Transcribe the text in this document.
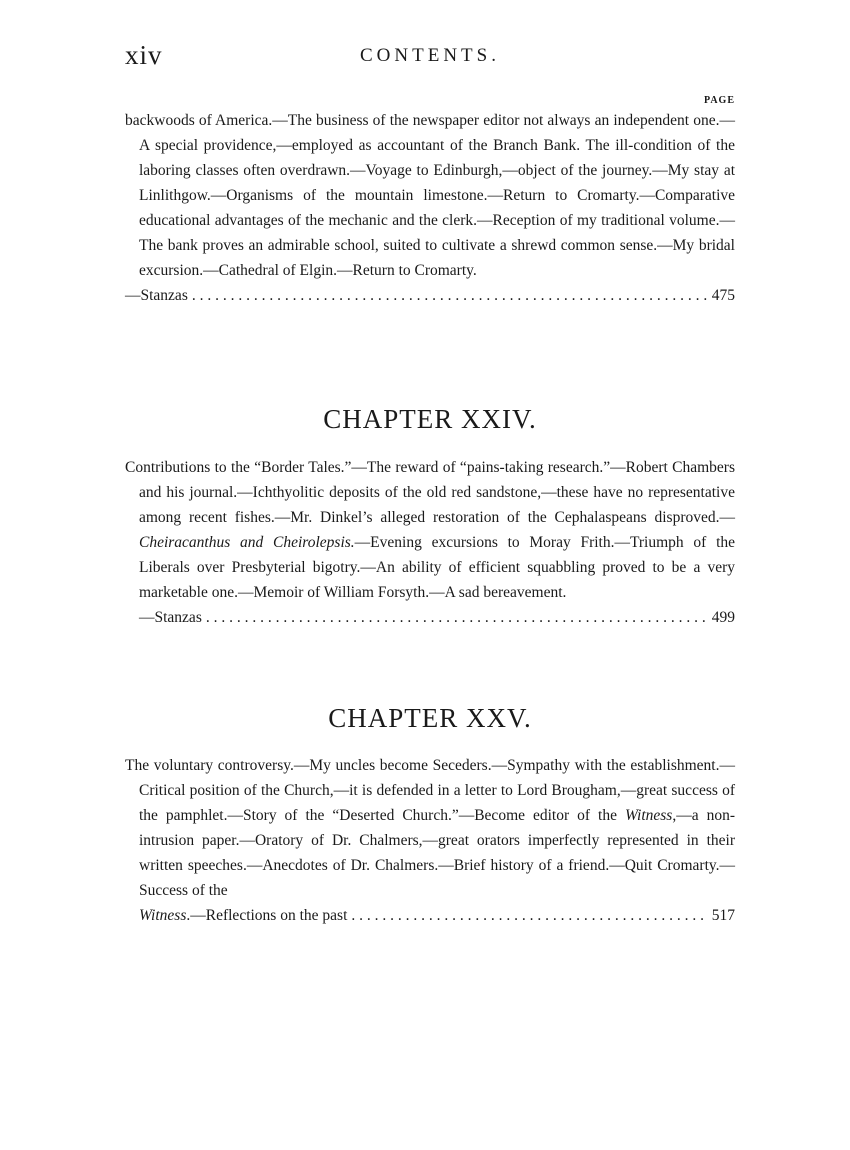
xiv	CONTENTS.
PAGE

backwoods of America.—The business of the newspaper editor not always an independent one.—A special providence,—employed as accountant of the Branch Bank. The ill-condition of the laboring classes often overdrawn.—Voyage to Edinburgh,—object of the journey.—My stay at Linlithgow.—Organisms of the mountain limestone.—Return to Cromarty.—Comparative educational advantages of the mechanic and the clerk.—Reception of my traditional volume.—The bank proves an admirable school, suited to cultivate a shrewd common sense.—My bridal excursion.—Cathedral of Elgin.—Return to Cromarty.

—Stanzas . . .	475
CHAPTER XXIV.

Contributions to the “Border Tales.”—The reward of “pains-taking research.”—Robert Chambers and his journal.—Ichthyolitic deposits of the old red sandstone,—these have no representative among recent fishes.—Mr. Dinkel’s alleged restoration of the Cephalaspeans disproved.—Cheiracanthus and Cheirolepsis.—Evening excursions to Moray Frith.—Triumph of the Liberals over Presbyterial bigotry.—An ability of efficient squabbling proved to be a very marketable one.—Memoir of William Forsyth.—A sad bereavement.

—Stanzas . . .	499
CHAPTER XXV.

The voluntary controversy.—My uncles become Seceders.—Sympathy with the establishment.—Critical position of the Church,—it is defended in a letter to Lord Brougham,—great success of the pamphlet.—Story of the “Deserted Church.”—Become editor of the Witness,—a non-intrusion paper.—Oratory of Dr. Chalmers,—great orators imperfectly represented in their written speeches.—Anecdotes of Dr. Chalmers.—Brief history of a friend.—Quit Cromarty.—Success of the

Witness.—Reflections on the past . . .	517
